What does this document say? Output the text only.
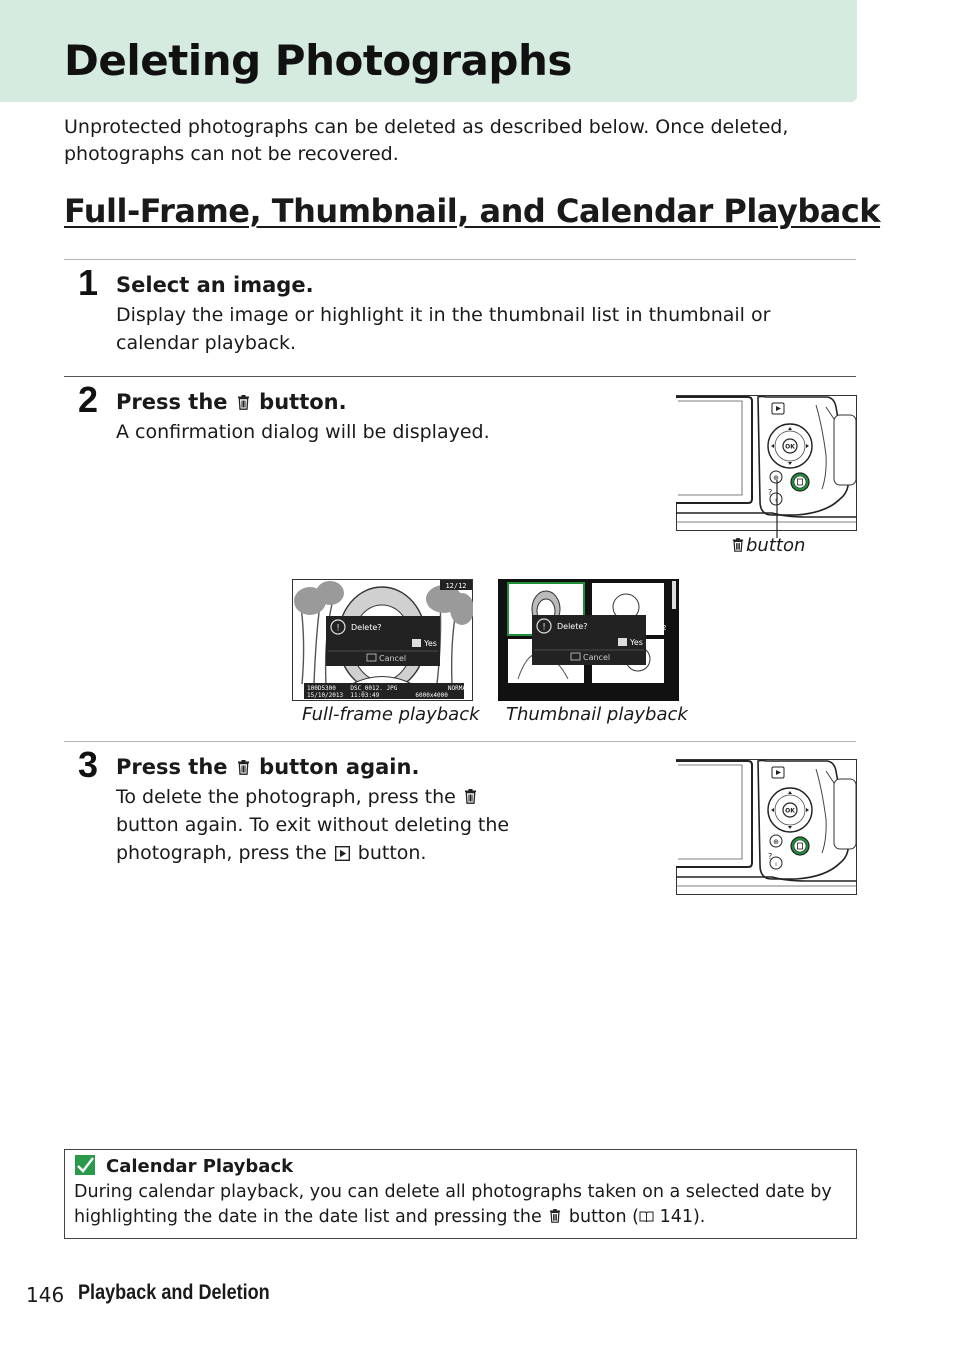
Deleting Photographs

Unprotected photographs can be deleted as described below. Once deleted, photographs can not be recovered.

Full-Frame, Thumbnail, and Calendar Playback
1 Select an image.

Display the image or highlight it in the thumbnail list in thumbnail or calendar playback.

2 Press the button.

A confirmation dialog will be displayed.

button
12/12
! Delete?
Yes
Cancel
100D5300    DSC_0012. JPG              NORMAL
15/10/2013  11:03:49          6000x4000
Full-frame playback
2
3	4
! Delete?
Yes
Cancel
Thumbnail playback
3 Press the button again.

To delete the photograph, press the  button again. To exit without deleting the photograph, press the button.

Calendar Playback

During calendar playback, you can delete all photographs taken on a selected date by highlighting the date in the date list and pressing the button ( 141).

146 Playback and Deletion
